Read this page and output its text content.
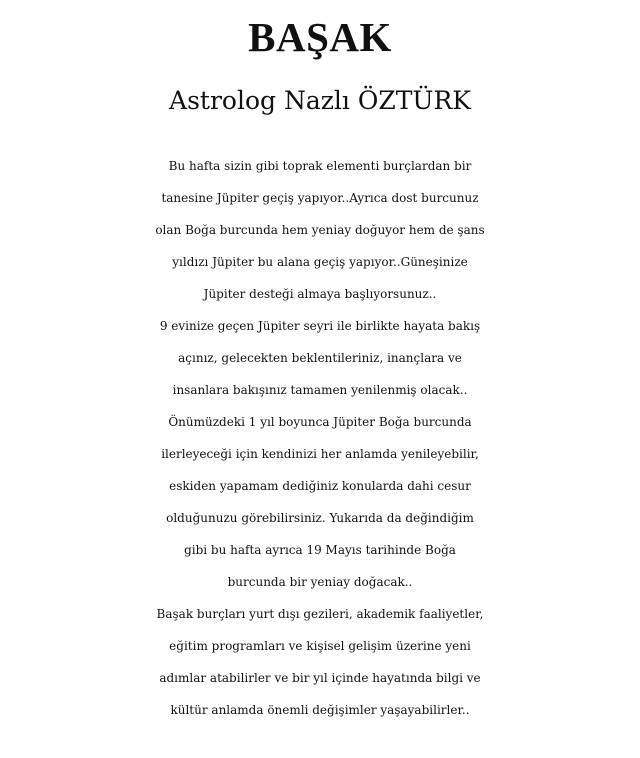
BAŞAK

Astrolog Nazlı ÖZTÜRK

Bu hafta sizin gibi toprak elementi burçlardan bir
tanesine Jüpiter geçiş yapıyor..Ayrıca dost burcunuz
olan Boğa burcunda hem yeniay doğuyor hem de şans
yıldızı Jüpiter bu alana geçiş yapıyor..Güneşinize
Jüpiter desteği almaya başlıyorsunuz..
9 evinize geçen Jüpiter seyri ile birlikte hayata bakış
açınız, gelecekten beklentileriniz, inançlara ve
insanlara bakışınız tamamen yenilenmiş olacak..
Önümüzdeki 1 yıl boyunca Jüpiter Boğa burcunda
ilerleyeceği için kendinizi her anlamda yenileyebilir,
eskiden yapamam dediğiniz konularda dahi cesur
olduğunuzu görebilirsiniz. Yukarıda da değindiğim
gibi bu hafta ayrıca 19 Mayıs tarihinde Boğa
burcunda bir yeniay doğacak..
Başak burçları yurt dışı gezileri, akademik faaliyetler,
eğitim programları ve kişisel gelişim üzerine yeni
adımlar atabilirler ve bir yıl içinde hayatında bilgi ve
kültür anlamda önemli değişimler yaşayabilirler..
